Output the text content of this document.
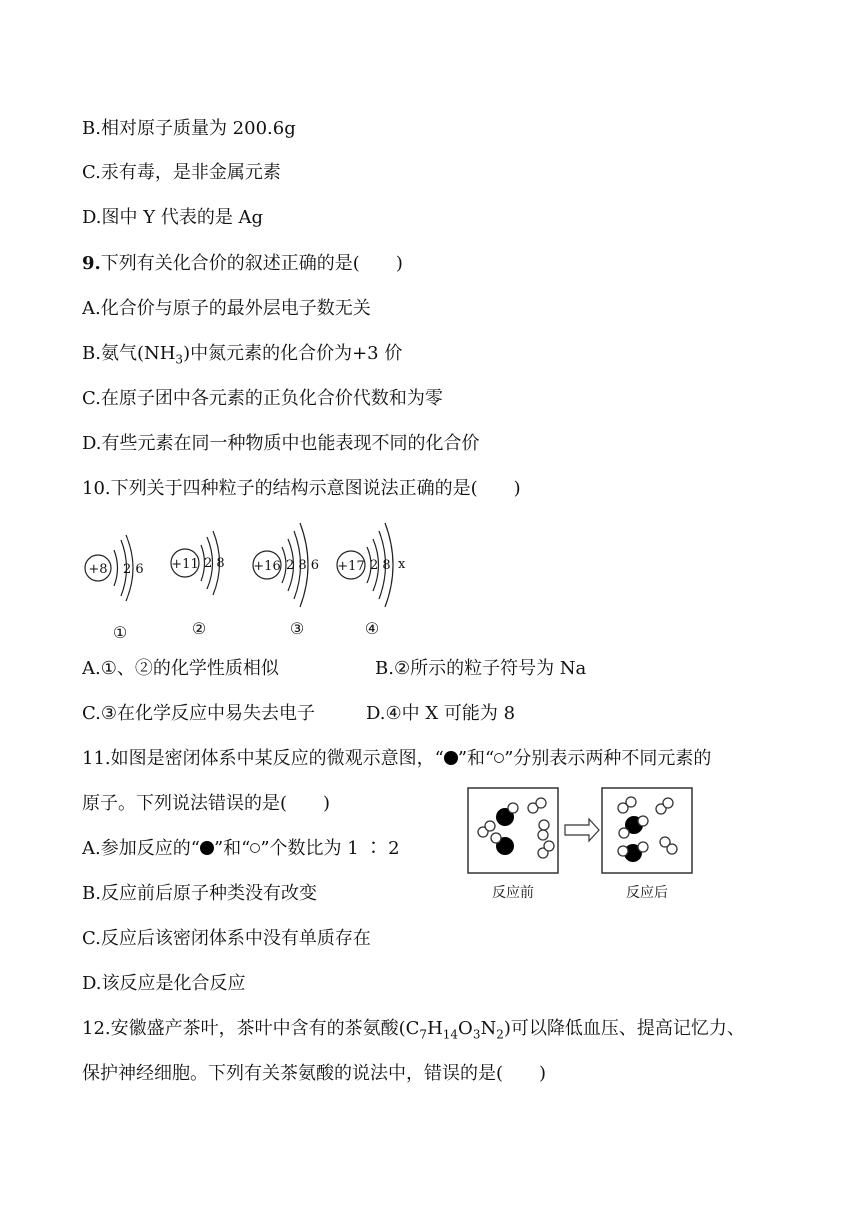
B.相对原子质量为 200.6g
C.汞有毒，是非金属元素
D.图中 Y 代表的是 Ag
9.下列有关化合价的叙述正确的是(　　)
A.化合价与原子的最外层电子数无关
B.氨气$(NH_3)$中氮元素的化合价为+3 价
C.在原子团中各元素的正负化合价代数和为零
D.有些元素在同一种物质中也能表现不同的化合价
10.下列关于四种粒子的结构示意图说法正确的是(　　)
+8 2 6 +11 2 8 +16 2 8 6 +17 2 8 x
①	②	③	④
A.①、②的化学性质相似	B.②所示的粒子符号为 Na
C.③在化学反应中易失去电子	D.④中 X 可能为 8
11.如图是密闭体系中某反应的微观示意图，“ ”和“ ”分别表示两种不同元素的
原子。下列说法错误的是(　　)
A.参加反应的“ ”和“ ”个数比为 1 ∶ 2
B.反应前后原子种类没有改变
C.反应后该密闭体系中没有单质存在
D.该反应是化合反应
反应前	反应后
12.安徽盛产茶叶，茶叶中含有的茶氨酸$(C_7H_{14}O_3N_2)$可以降低血压、提高记忆力、
保护神经细胞。下列有关茶氨酸的说法中，错误的是(　　)
